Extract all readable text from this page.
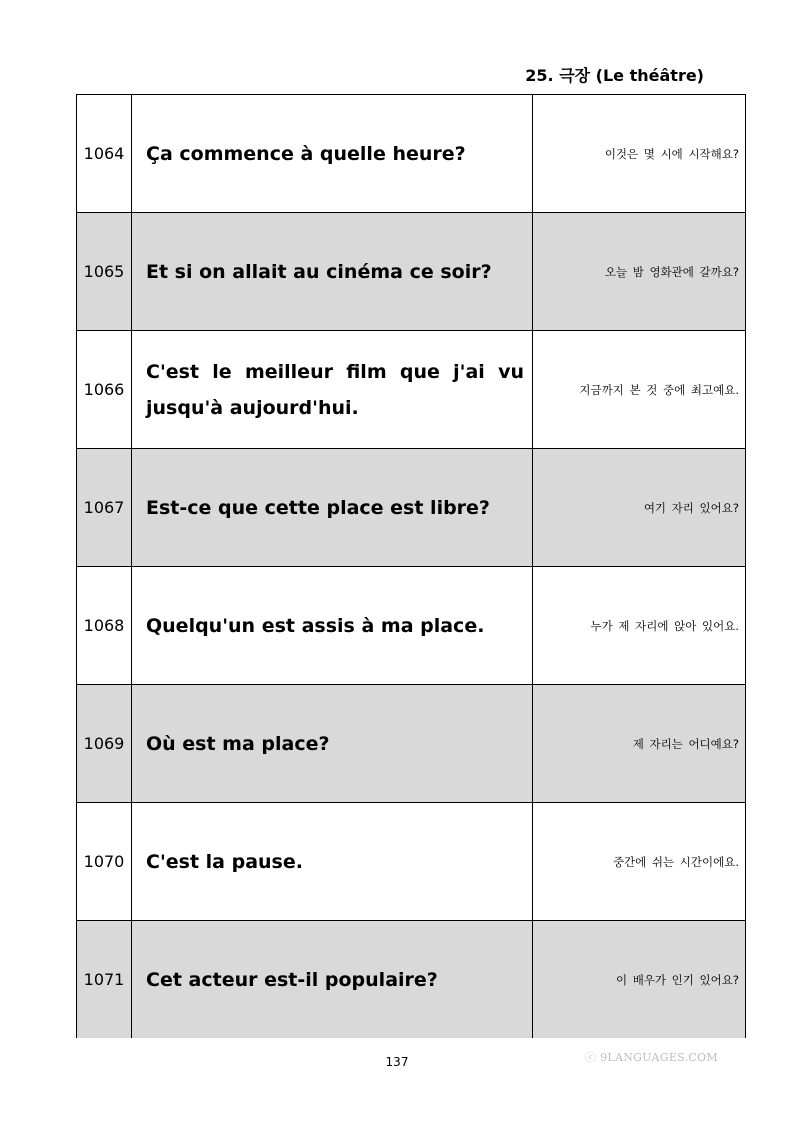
25. 극장 (Le théâtre)
1064	Ça commence à quelle heure?	이것은 몇 시에 시작해요?
1065	Et si on allait au cinéma ce soir?	오늘 밤 영화관에 갈까요?
1066	C'est le meilleur film que j'ai vu jusqu'à aujourd'hui.	지금까지 본 것 중에 최고예요.
1067	Est-ce que cette place est libre?	여기 자리 있어요?
1068	Quelqu'un est assis à ma place.	누가 제 자리에 앉아 있어요.
1069	Où est ma place?	제 자리는 어디예요?
1070	C'est la pause.	중간에 쉬는 시간이에요.
1071	Cet acteur est-il populaire?	이 배우가 인기 있어요?
137	ⓒ 9LANGUAGES.COM
